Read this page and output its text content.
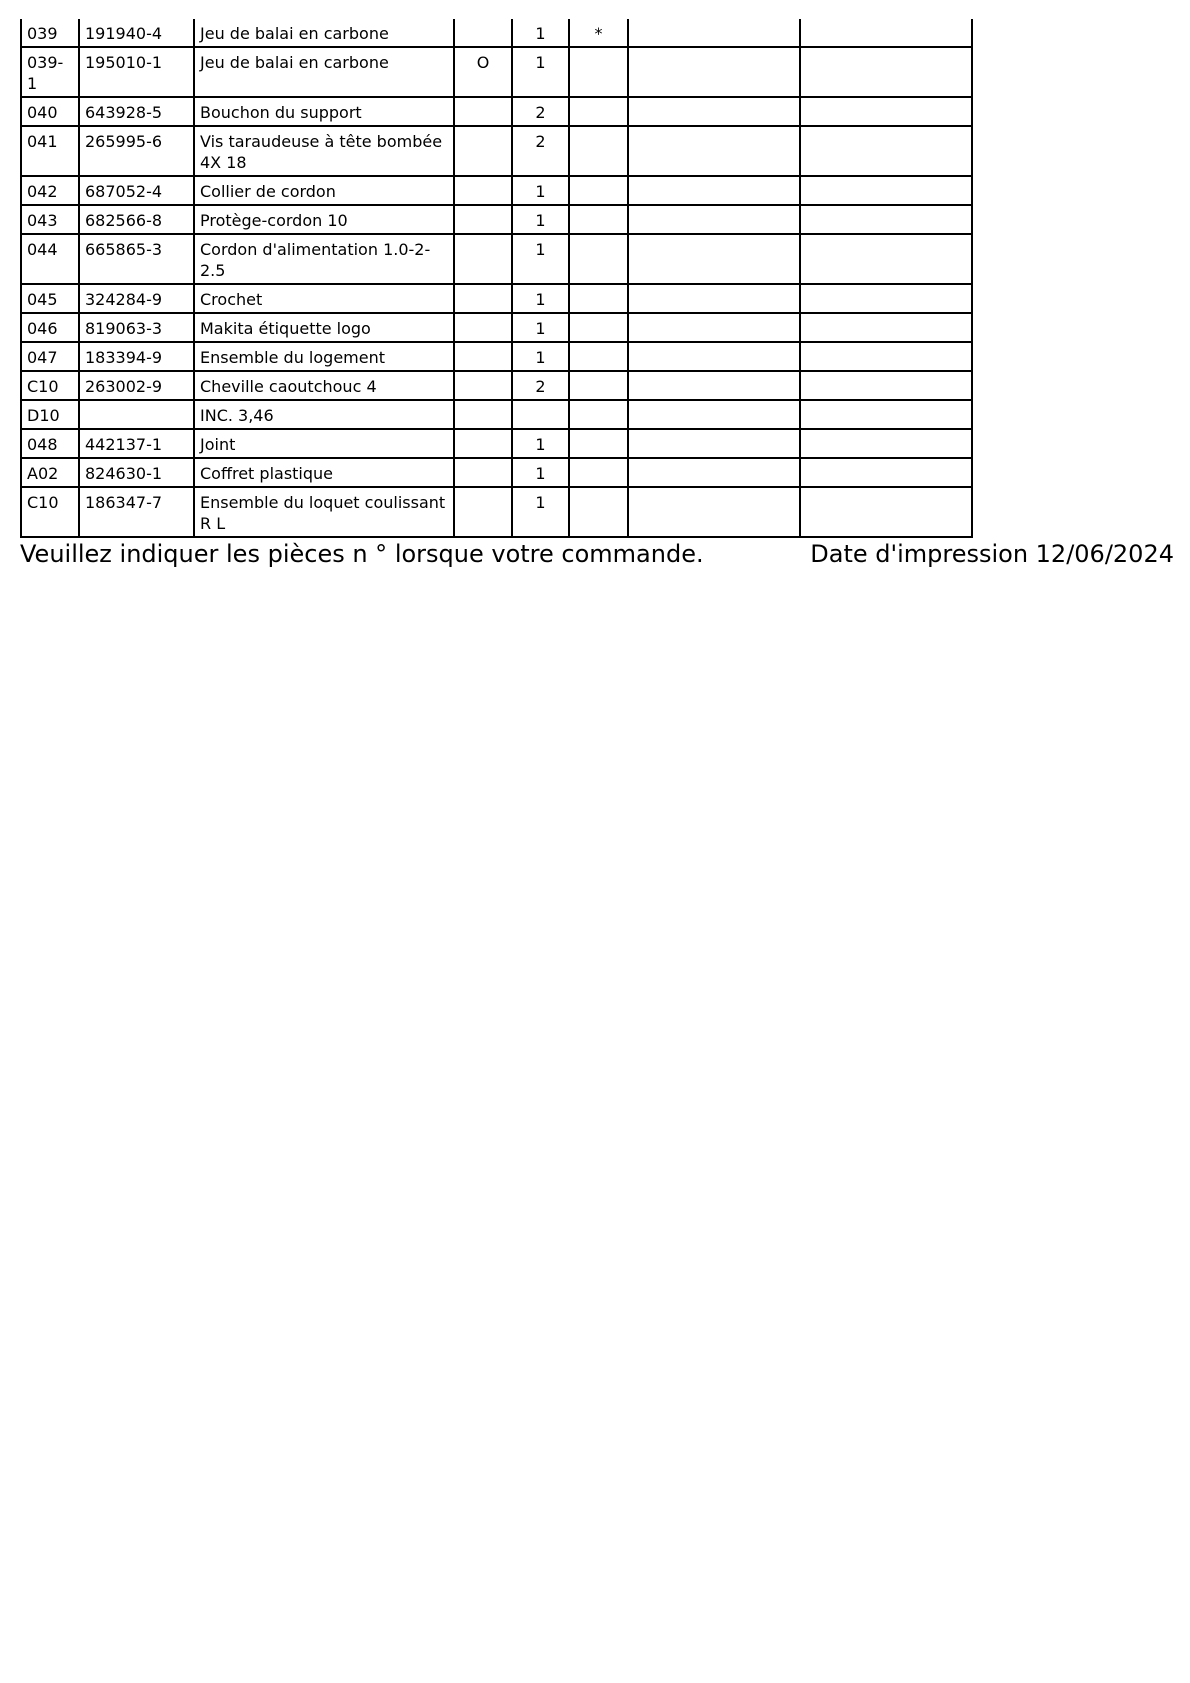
039	191940-4	Jeu de balai en carbone		1	*		
039-1	195010-1	Jeu de balai en carbone	O	1			
040	643928-5	Bouchon du support		2			
041	265995-6	Vis taraudeuse à tête bombée 4X 18		2			
042	687052-4	Collier de cordon		1			
043	682566-8	Protège-cordon 10		1			
044	665865-3	Cordon d'alimentation 1.0-2-2.5		1			
045	324284-9	Crochet		1			
046	819063-3	Makita étiquette logo		1			
047	183394-9	Ensemble du logement		1			
C10	263002-9	Cheville caoutchouc 4		2			
D10		INC. 3,46					
048	442137-1	Joint		1			
A02	824630-1	Coffret plastique		1			
C10	186347-7	Ensemble du loquet coulissant R L		1			
Veuillez indiquer les pièces n ° lorsque votre commande.	Date d'impression 12/06/2024
